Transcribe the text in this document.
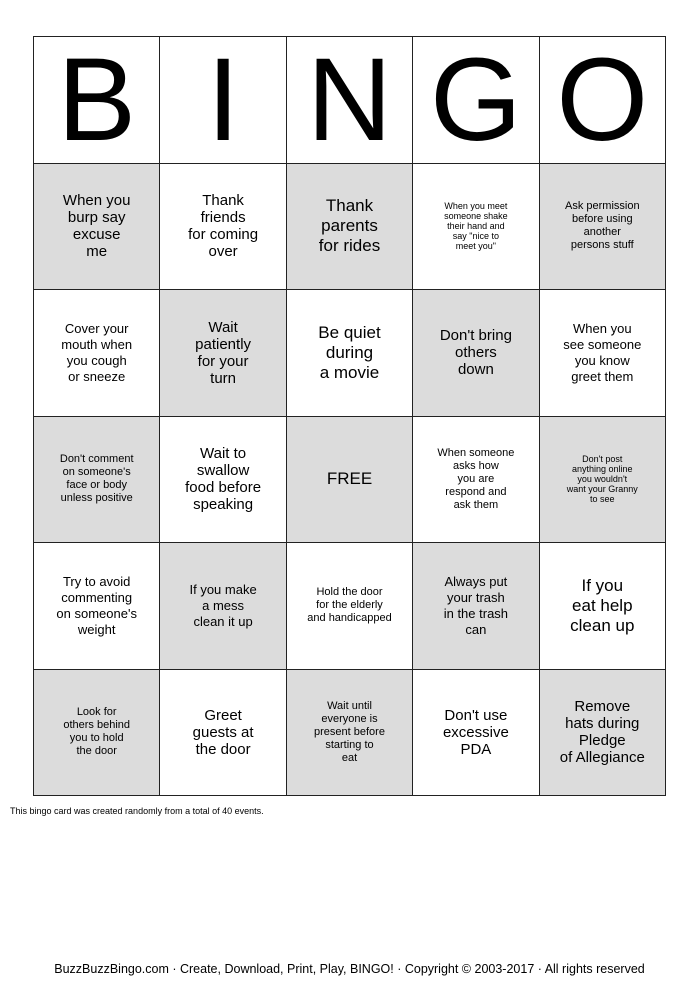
B I N G O
When you
burp say
excuse
me
Thank
friends
for coming
over
Thank
parents
for rides
When you meet
someone shake
their hand and
say "nice to
meet you"
Ask permission
before using
another
persons stuff
Cover your
mouth when
you cough
or sneeze
Wait
patiently
for your
turn
Be quiet
during
a movie
Don't bring
others
down
When you
see someone
you know
greet them
Don't comment
on someone's
face or body
unless positive
Wait to
swallow
food before
speaking
FREE
When someone
asks how
you are
respond and
ask them
Don't post
anything online
you wouldn't
want your Granny
to see
Try to avoid
commenting
on someone's
weight
If you make
a mess
clean it up
Hold the door
for the elderly
and handicapped
Always put
your trash
in the trash
can
If you
eat help
clean up
Look for
others behind
you to hold
the door
Greet
guests at
the door
Wait until
everyone is
present before
starting to
eat
Don't use
excessive
PDA
Remove
hats during
Pledge
of Allegiance
This bingo card was created randomly from a total of 40 events.
BuzzBuzzBingo.com · Create, Download, Print, Play, BINGO! · Copyright © 2003-2017 · All rights reserved
